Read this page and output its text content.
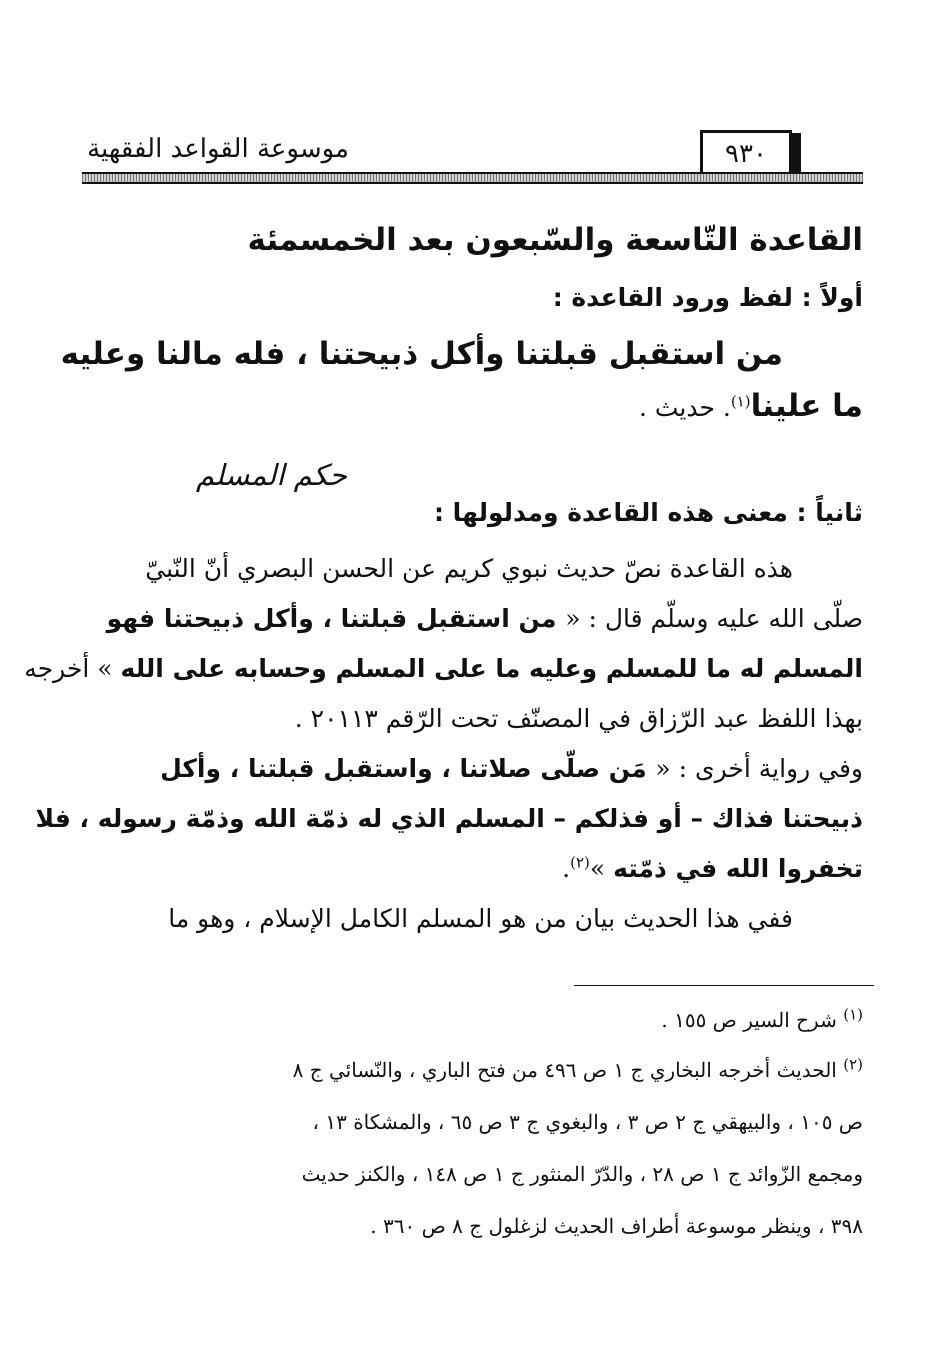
٩٣٠
موسوعة القواعد الفقهية
القاعدة التّاسعة والسّبعون بعد الخمسمئة
أولاً : لفظ ورود القاعدة :
من استقبل قبلتنا وأكل ذبيحتنا ، فله مالنا وعليه
ما علينا$^{(١)}$. حديث .
حكم المسلم
ثانياً : معنى هذه القاعدة ومدلولها :
هذه القاعدة نصّ حديث نبوي كريم عن الحسن البصري أنّ النّبيّ
صلّى الله عليه وسلّم قال : « من استقبل قبلتنا ، وأكل ذبيحتنا فهو
المسلم له ما للمسلم وعليه ما على المسلم وحسابه على الله » أخرجه
بهذا اللفظ عبد الرّزاق في المصنّف تحت الرّقم ٢٠١١٣ .
وفي رواية أخرى : « مَن صلّى صلاتنا ، واستقبل قبلتنا ، وأكل
ذبيحتنا فذاك – أو فذلكم – المسلم الذي له ذمّة الله وذمّة رسوله ، فلا
تخفروا الله في ذمّته »$^{(٢)}$.
ففي هذا الحديث بيان من هو المسلم الكامل الإسلام ، وهو ما
$^{(١)}$ شرح السير ص ١٥٥ .
$^{(٢)}$ الحديث أخرجه البخاري ج ١ ص ٤٩٦ من فتح الباري ، والنّسائي ج ٨
ص ١٠٥ ، والبيهقي ج ٢ ص ٣ ، والبغوي ج ٣ ص ٦٥ ، والمشكاة ١٣ ،
ومجمع الزّوائد ج ١ ص ٢٨ ، والدّرّ المنثور ج ١ ص ١٤٨ ، والكنز حديث
٣٩٨ ، وينظر موسوعة أطراف الحديث لزغلول ج ٨ ص ٣٦٠ .
